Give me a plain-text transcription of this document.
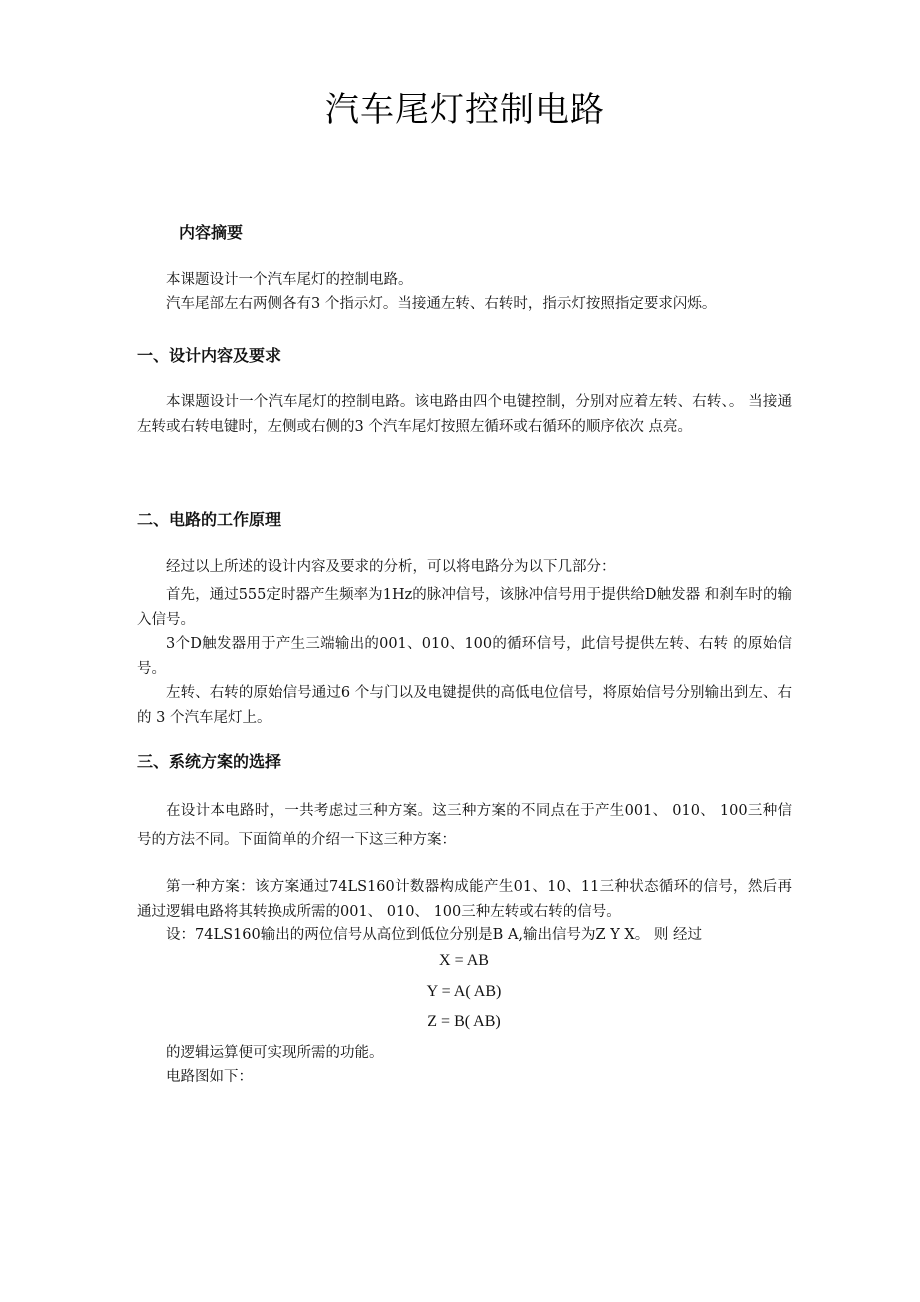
汽车尾灯控制电路
内容摘要

本课题设计一个汽车尾灯的控制电路。

汽车尾部左右两侧各有3 个指示灯。当接通左转、右转时，指示灯按照指定要求闪烁。

一、设计内容及要求

本课题设计一个汽车尾灯的控制电路。该电路由四个电键控制，分别对应着左转、右转、。 当接通左转或右转电键时，左侧或右侧的3 个汽车尾灯按照左循环或右循环的顺序依次 点亮。

二、电路的工作原理

经过以上所述的设计内容及要求的分析，可以将电路分为以下几部分：

首先，通过555定时器产生频率为1Hz的脉冲信号，该脉冲信号用于提供给D触发器 和刹车时的输入信号。

3个D触发器用于产生三端输出的001、010、100的循环信号，此信号提供左转、右转 的原始信号。

左转、右转的原始信号通过6 个与门以及电键提供的高低电位信号，将原始信号分别输出到左、右的 3 个汽车尾灯上。

三、系统方案的选择

在设计本电路时，一共考虑过三种方案。这三种方案的不同点在于产生001、 010、 100三种信号的方法不同。下面简单的介绍一下这三种方案：

第一种方案：该方案通过74LS160计数器构成能产生01、10、11三种状态循环的信号，然后再通过逻辑电路将其转换成所需的001、 010、 100三种左转或右转的信号。

设：74LS160输出的两位信号从高位到低位分别是B A,输出信号为Z Y X。 则 经过

X = AB

Y = A( AB)

Z = B( AB)

的逻辑运算便可实现所需的功能。

电路图如下：
